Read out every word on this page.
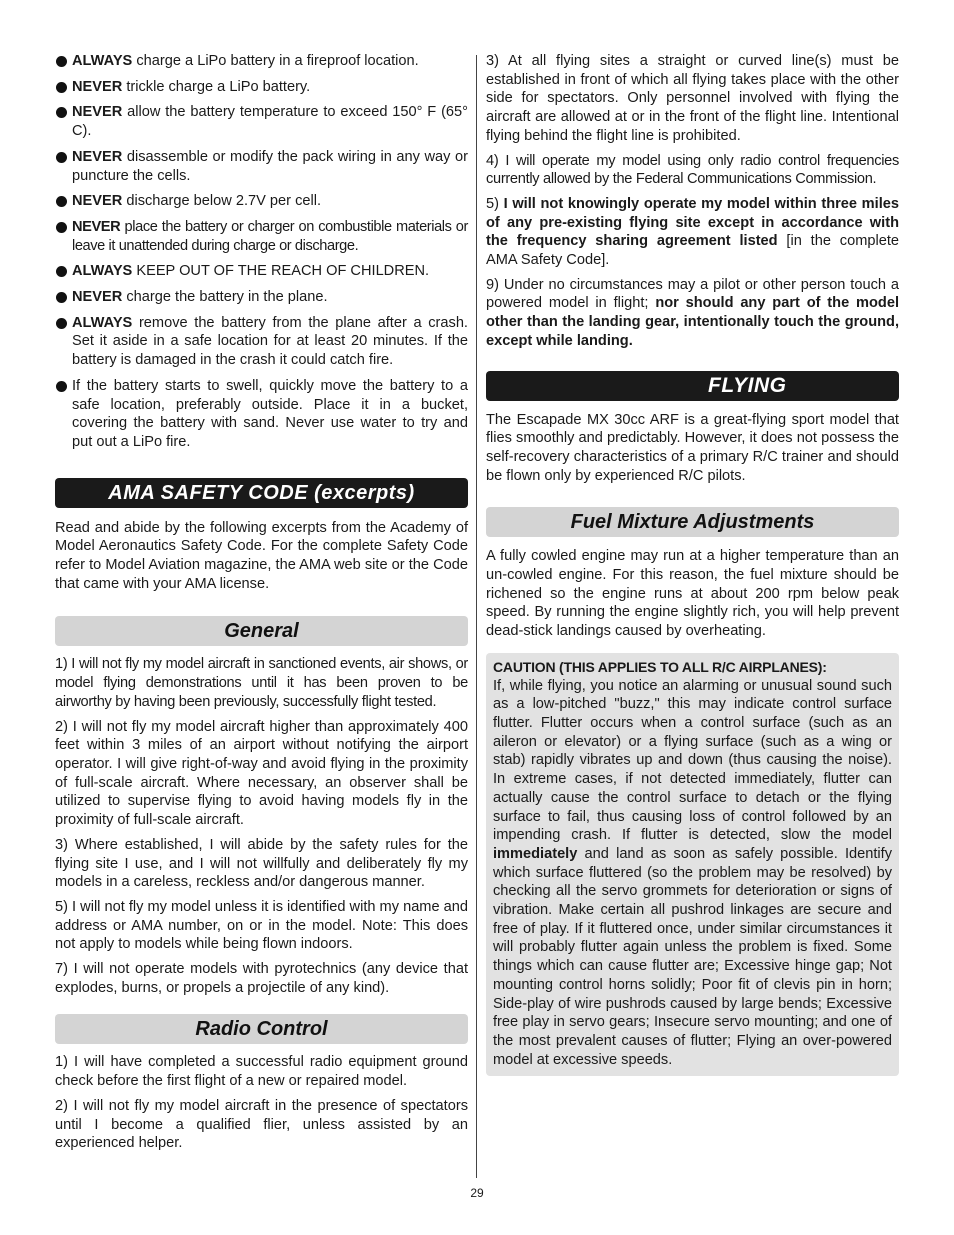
ALWAYS charge a LiPo battery in a fireproof location.
NEVER trickle charge a LiPo battery.
NEVER allow the battery temperature to exceed 150° F (65° C).
NEVER disassemble or modify the pack wiring in any way or puncture the cells.
NEVER discharge below 2.7V per cell.
NEVER place the battery or charger on combustible materials or leave it unattended during charge or discharge.
ALWAYS KEEP OUT OF THE REACH OF CHILDREN.
NEVER charge the battery in the plane.
ALWAYS remove the battery from the plane after a crash. Set it aside in a safe location for at least 20 minutes. If the battery is damaged in the crash it could catch fire.
If the battery starts to swell, quickly move the battery to a safe location, preferably outside. Place it in a bucket, covering the battery with sand. Never use water to try and put out a LiPo fire.
AMA SAFETY CODE (excerpts)

Read and abide by the following excerpts from the Academy of Model Aeronautics Safety Code. For the complete Safety Code refer to Model Aviation magazine, the AMA web site or the Code that came with your AMA license.

General

1) I will not fly my model aircraft in sanctioned events, air shows, or model flying demonstrations until it has been proven to be airworthy by having been previously, successfully flight tested.

2) I will not fly my model aircraft higher than approximately 400 feet within 3 miles of an airport without notifying the airport operator. I will give right-of-way and avoid flying in the proximity of full-scale aircraft. Where necessary, an observer shall be utilized to supervise flying to avoid having models fly in the proximity of full-scale aircraft.

3) Where established, I will abide by the safety rules for the flying site I use, and I will not willfully and deliberately fly my models in a careless, reckless and/or dangerous manner.

5) I will not fly my model unless it is identified with my name and address or AMA number, on or in the model. Note: This does not apply to models while being flown indoors.

7) I will not operate models with pyrotechnics (any device that explodes, burns, or propels a projectile of any kind).

Radio Control

1) I will have completed a successful radio equipment ground check before the first flight of a new or repaired model.

2) I will not fly my model aircraft in the presence of spectators until I become a qualified flier, unless assisted by an experienced helper.

3) At all flying sites a straight or curved line(s) must be established in front of which all flying takes place with the other side for spectators. Only personnel involved with flying the aircraft are allowed at or in the front of the flight line. Intentional flying behind the flight line is prohibited.

4) I will operate my model using only radio control frequencies currently allowed by the Federal Communications Commission.

5) I will not knowingly operate my model within three miles of any pre-existing flying site except in accordance with the frequency sharing agreement listed [in the complete AMA Safety Code].

9) Under no circumstances may a pilot or other person touch a powered model in flight; nor should any part of the model other than the landing gear, intentionally touch the ground, except while landing.

FLYING

The Escapade MX 30cc ARF is a great-flying sport model that flies smoothly and predictably. However, it does not possess the self-recovery characteristics of a primary R/C trainer and should be flown only by experienced R/C pilots.

Fuel Mixture Adjustments

A fully cowled engine may run at a higher temperature than an un-cowled engine. For this reason, the fuel mixture should be richened so the engine runs at about 200 rpm below peak speed. By running the engine slightly rich, you will help prevent dead-stick landings caused by overheating.

CAUTION (THIS APPLIES TO ALL R/C AIRPLANES):

If, while flying, you notice an alarming or unusual sound such as a low-pitched "buzz," this may indicate control surface flutter. Flutter occurs when a control surface (such as an aileron or elevator) or a flying surface (such as a wing or stab) rapidly vibrates up and down (thus causing the noise). In extreme cases, if not detected immediately, flutter can actually cause the control surface to detach or the flying surface to fail, thus causing loss of control followed by an impending crash. If flutter is detected, slow the model immediately and land as soon as safely possible. Identify which surface fluttered (so the problem may be resolved) by checking all the servo grommets for deterioration or signs of vibration. Make certain all pushrod linkages are secure and free of play. If it fluttered once, under similar circumstances it will probably flutter again unless the problem is fixed. Some things which can cause flutter are; Excessive hinge gap; Not mounting control horns solidly; Poor fit of clevis pin in horn; Side-play of wire pushrods caused by large bends; Excessive free play in servo gears; Insecure servo mounting; and one of the most prevalent causes of flutter; Flying an over-powered model at excessive speeds.

29
